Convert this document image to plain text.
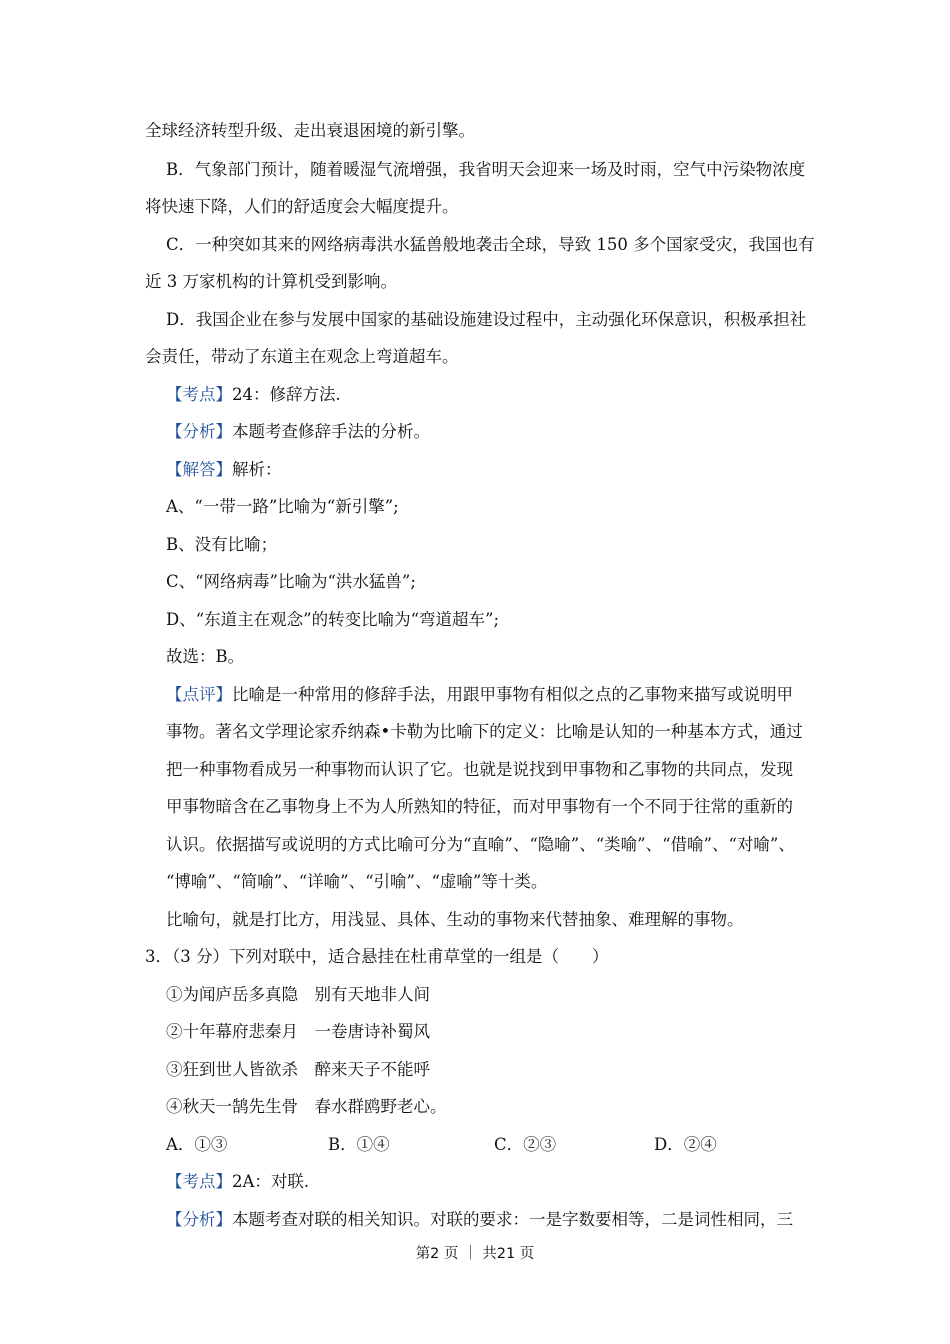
全球经济转型升级、走出衰退困境的新引擎。
B．气象部门预计，随着暖湿气流增强，我省明天会迎来一场及时雨，空气中污染物浓度
将快速下降，人们的舒适度会大幅度提升。
C．一种突如其来的网络病毒洪水猛兽般地袭击全球，导致 150 多个国家受灾，我国也有
近 3 万家机构的计算机受到影响。
D．我国企业在参与发展中国家的基础设施建设过程中，主动强化环保意识，积极承担社
会责任，带动了东道主在观念上弯道超车。
【考点】24：修辞方法.
【分析】本题考查修辞手法的分析。
【解答】解析：
A、“一带一路”比喻为“新引擎”;
B、没有比喻；
C、“网络病毒”比喻为“洪水猛兽”;
D、“东道主在观念”的转变比喻为“弯道超车”;
故选：B。
【点评】比喻是一种常用的修辞手法，用跟甲事物有相似之点的乙事物来描写或说明甲
事物。著名文学理论家乔纳森•卡勒为比喻下的定义：比喻是认知的一种基本方式，通过
把一种事物看成另一种事物而认识了它。也就是说找到甲事物和乙事物的共同点，发现
甲事物暗含在乙事物身上不为人所熟知的特征，而对甲事物有一个不同于往常的重新的
认识。依据描写或说明的方式比喻可分为“直喻”、“隐喻”、“类喻”、“借喻”、“对喻”、
“博喻”、“简喻”、“详喻”、“引喻”、“虚喻”等十类。
比喻句，就是打比方，用浅显、具体、生动的事物来代替抽象、难理解的事物。
3．（3 分）下列对联中，适合悬挂在杜甫草堂的一组是（　　）
①为闻庐岳多真隐　别有天地非人间
②十年幕府悲秦月　一卷唐诗补蜀风
③狂到世人皆欲杀　醉来天子不能呼
④秋天一鹄先生骨　春水群鸥野老心。
A．①③	B．①④	C．②③	D．②④
【考点】2A：对联.
【分析】本题考查对联的相关知识。对联的要求：一是字数要相等，二是词性相同，三
第2 页 ｜ 共21 页
